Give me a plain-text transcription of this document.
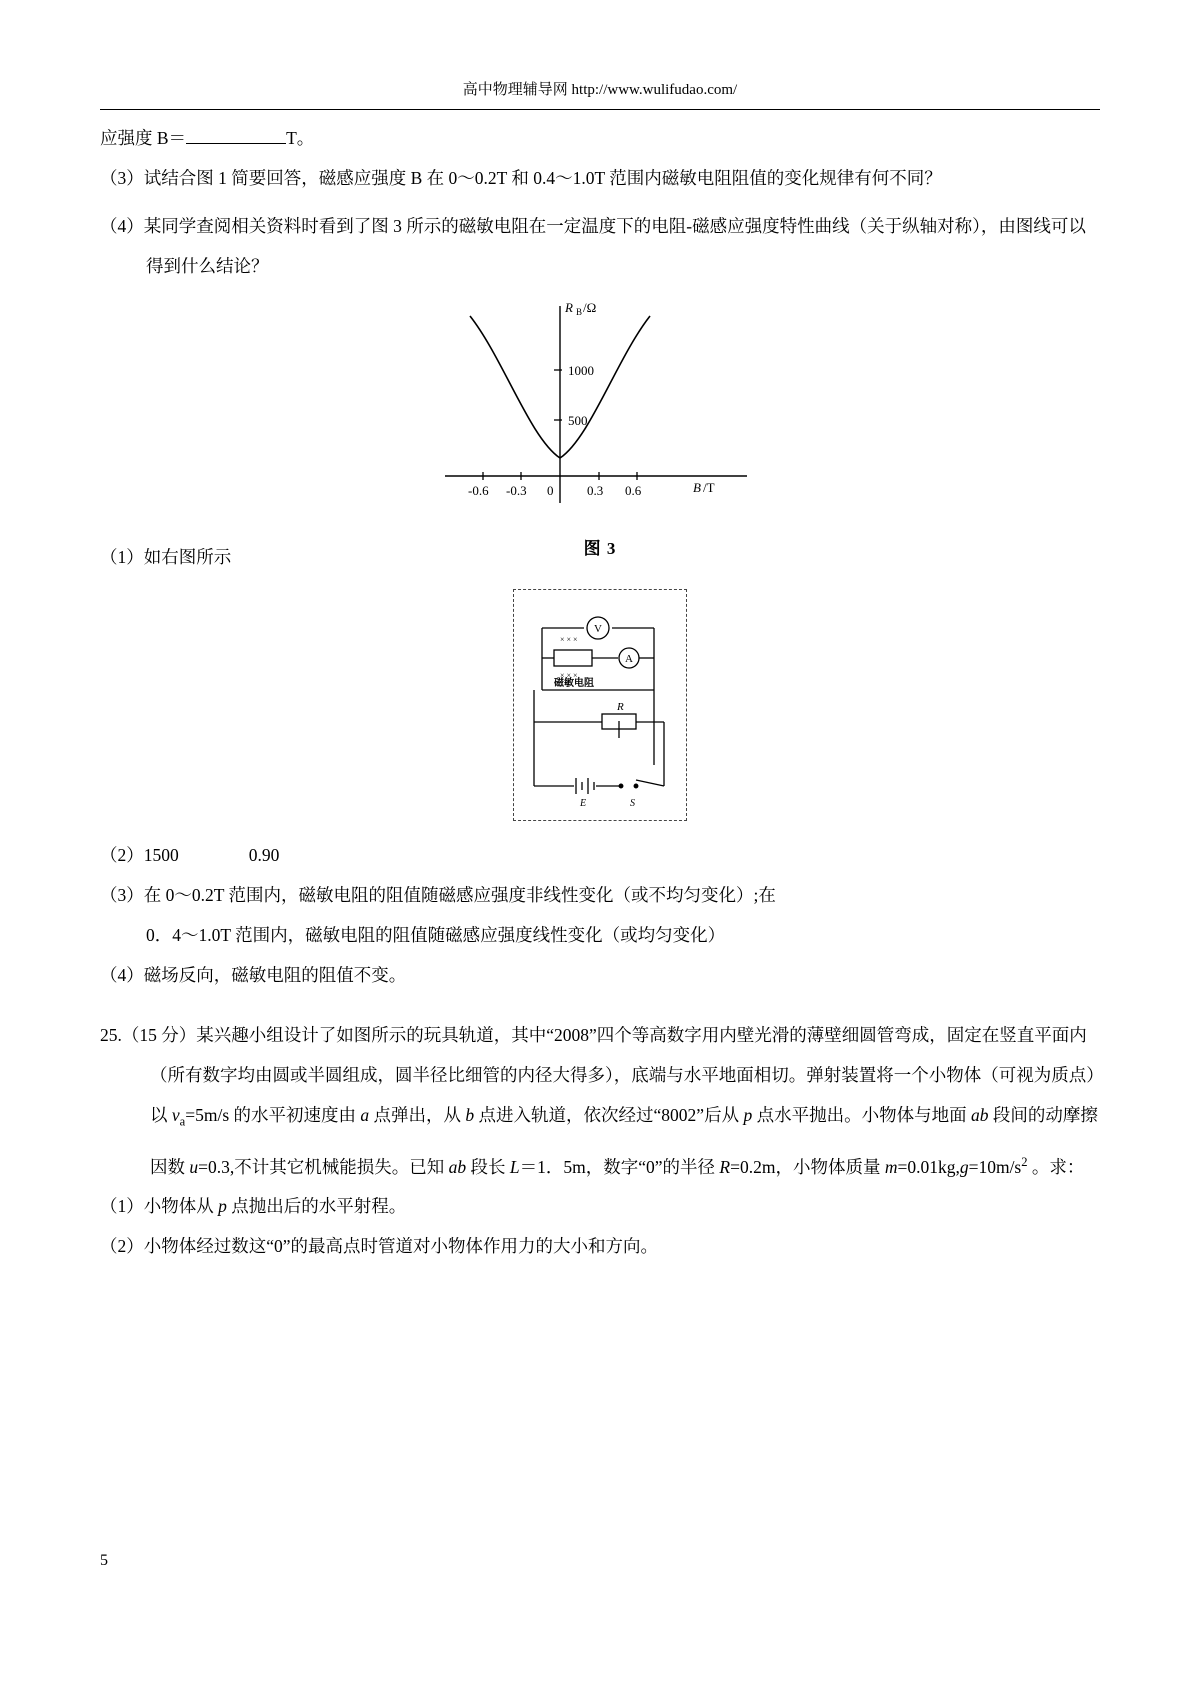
高中物理辅导网 http://www.wulifudao.com/

应强度 B＝	T。

（3）试结合图 1 简要回答，磁感应强度 B 在 0～0.2T 和 0.4～1.0T 范围内磁敏电阻阻值的变化规律有何不同？

（4）某同学查阅相关资料时看到了图 3 所示的磁敏电阻在一定温度下的电阻-磁感应强度特性曲线（关于纵轴对称），由图线可以得到什么结论？

1000
500
R B /Ω
-0.6 -0.3 0	0.3 0.6	B /T
图 3

（1）如右图所示

× × ×
× × ×
V
A
磁敏电阻
R
E	S

（2）1500	0.90

（3）在 0～0.2T 范围内，磁敏电阻的阻值随磁感应强度非线性变化（或不均匀变化）;在

0．4～1.0T 范围内，磁敏电阻的阻值随磁感应强度线性变化（或均匀变化）

（4）磁场反向，磁敏电阻的阻值不变。

25.（15 分）某兴趣小组设计了如图所示的玩具轨道，其中“2008”四个等高数字用内壁光滑的薄壁细圆管弯成，固定在竖直平面内（所有数字均由圆或半圆组成，圆半径比细管的内径大得多），底端与水平地面相切。弹射装置将一个小物体（可视为质点）以 $v_a=5m/s$ 的水平初速度由 a 点弹出，从 b 点进入轨道，依次经过“8002”后从 p 点水平抛出。小物体与地面 ab 段间的动摩擦因数 u=0.3,不计其它机械能损失。已知 ab 段长 L＝1．5m，数字“0”的半径 R=0.2m，小物体质量 $m=0.01kg,g=10m/s^2$ 。求：

（1）小物体从 p 点抛出后的水平射程。

（2）小物体经过数这“0”的最高点时管道对小物体作用力的大小和方向。

5
